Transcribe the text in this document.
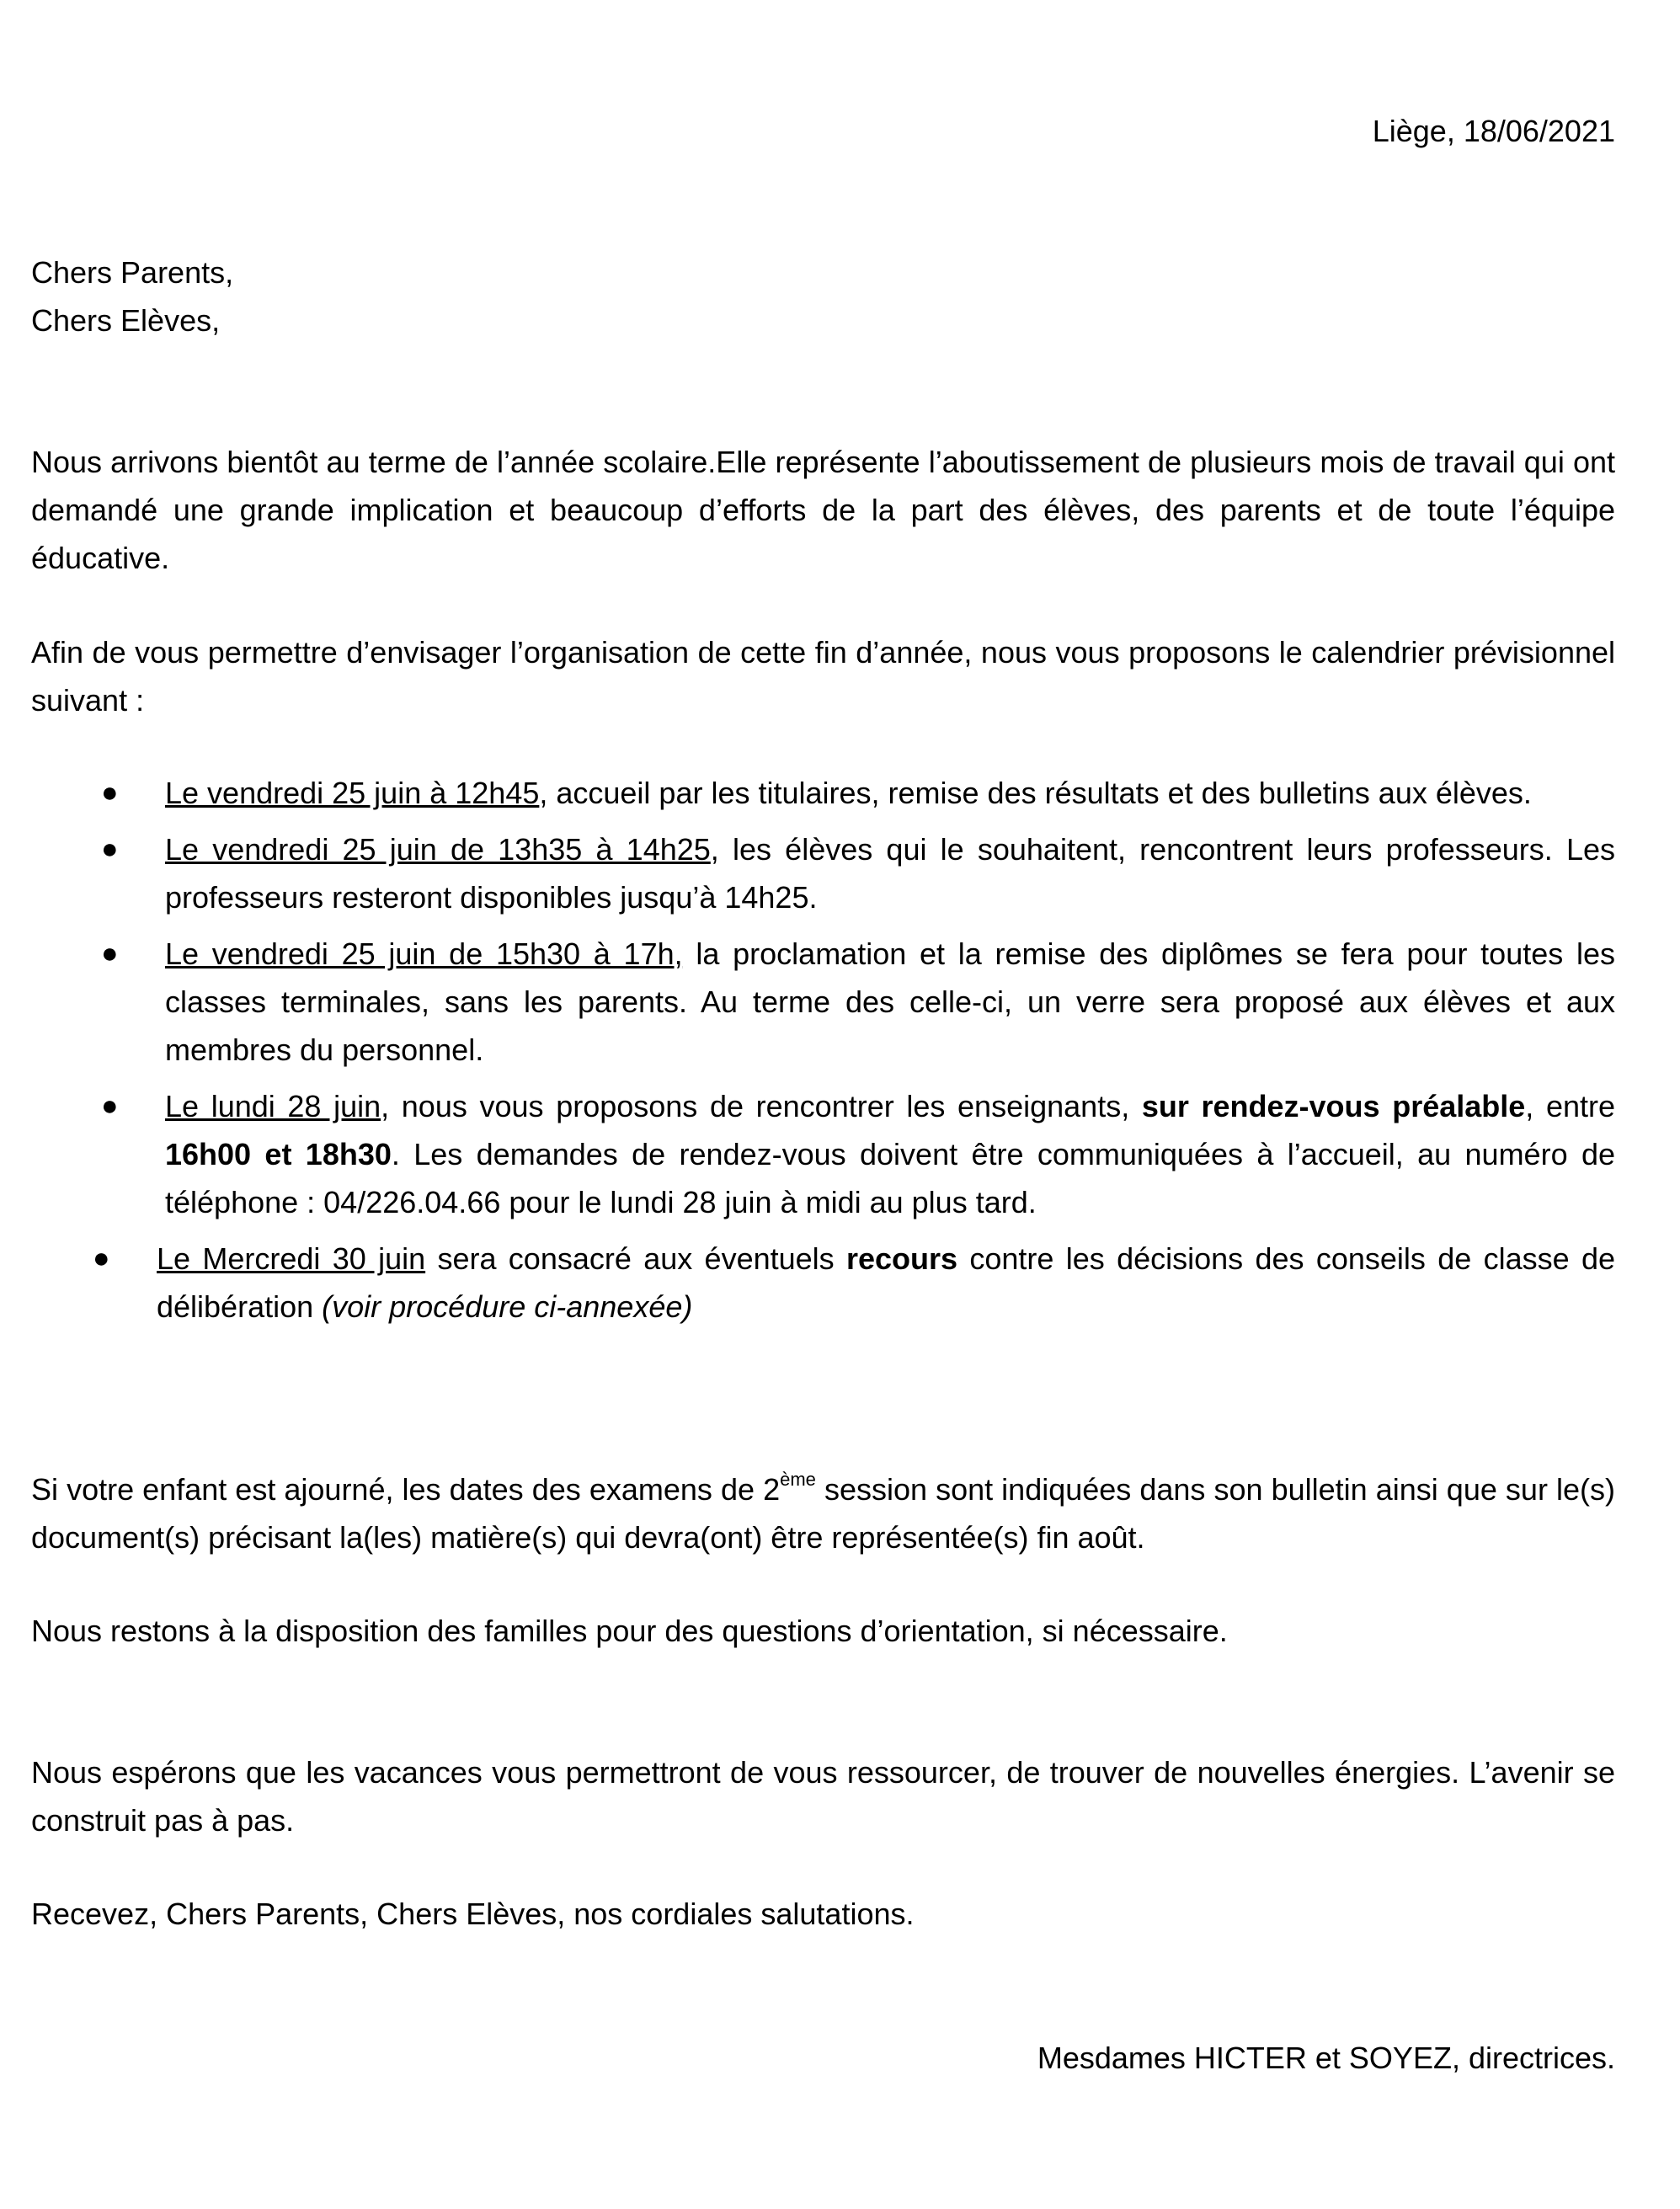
Liège, 18/06/2021

Chers Parents,

Chers Elèves,

Nous arrivons bientôt au terme de l’année scolaire.Elle représente l’aboutissement de plusieurs mois de travail qui ont demandé une grande implication et beaucoup d’efforts de la part des élèves, des parents et de toute l’équipe éducative.

Afin de vous permettre d’envisager l’organisation de cette fin d’année, nous vous proposons le calendrier prévisionnel suivant :

● Le vendredi 25 juin à 12h45, accueil par les titulaires, remise des résultats et des bulletins aux élèves.
● Le vendredi 25 juin de 13h35 à 14h25, les élèves qui le souhaitent, rencontrent leurs professeurs. Les professeurs resteront disponibles jusqu’à 14h25.
● Le vendredi 25 juin de 15h30 à 17h, la proclamation et la remise des diplômes se fera pour toutes les classes terminales, sans les parents. Au terme des celle-ci, un verre sera proposé aux élèves et aux membres du personnel.
● Le lundi 28 juin, nous vous proposons de rencontrer les enseignants, sur rendez-vous préalable, entre 16h00 et 18h30. Les demandes de rendez-vous doivent être communiquées à l’accueil, au numéro de téléphone : 04/226.04.66 pour le lundi 28 juin à midi au plus tard.
● Le Mercredi 30 juin sera consacré aux éventuels recours contre les décisions des conseils de classe de délibération (voir procédure ci-annexée)

Si votre enfant est ajourné, les dates des examens de 2ème session sont indiquées dans son bulletin ainsi que sur le(s) document(s) précisant la(les) matière(s) qui devra(ont) être représentée(s) fin août.

Nous restons à la disposition des familles pour des questions d’orientation, si nécessaire.

Nous espérons que les vacances vous permettront de vous ressourcer, de trouver de nouvelles énergies. L’avenir se construit pas à pas.

Recevez, Chers Parents, Chers Elèves, nos cordiales salutations.

Mesdames HICTER et SOYEZ, directrices.
